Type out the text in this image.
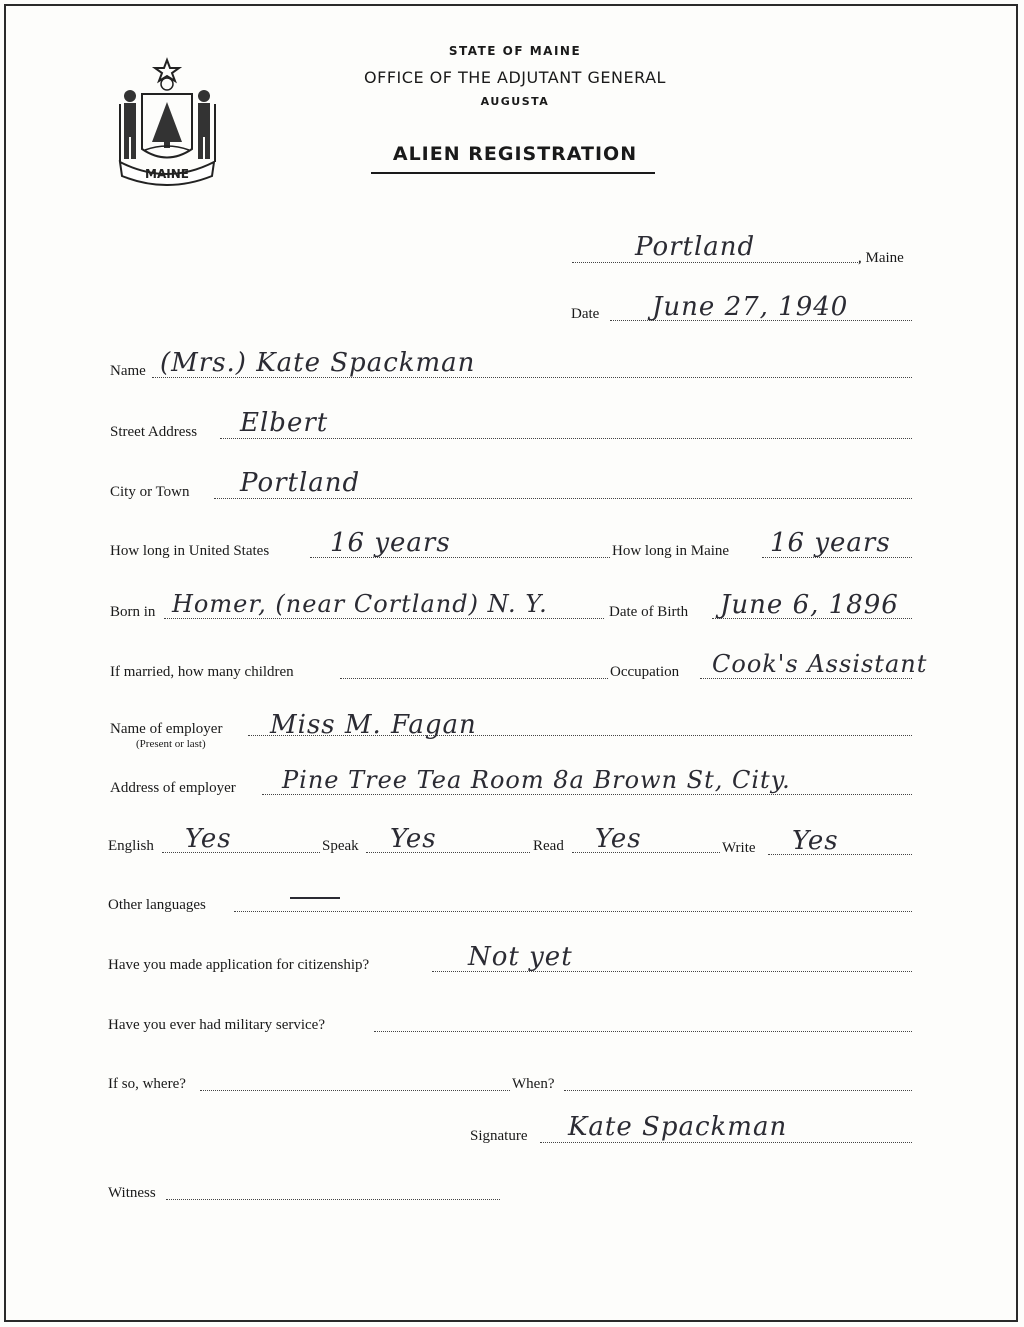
MAINE
STATE OF MAINE
OFFICE OF THE ADJUTANT GENERAL
AUGUSTA
ALIEN REGISTRATION
Portland	, Maine
Date June 27, 1940
Name (Mrs.) Kate Spackman
Street Address Elbert
City or Town Portland
How long in United States 16 years	How long in Maine 16 years
Born in Homer, (near Cortland) N. Y.	Date of Birth June 6, 1896
If married, how many children	Occupation Cook's Assistant
Name of employer
(Present or last)
Miss M. Fagan
Address of employer Pine Tree Tea Room 8a Brown St, City.
English Yes	Speak Yes	Read Yes	Write Yes
Other languages
Have you made application for citizenship?	Not yet
Have you ever had military service?
If so, where?	When?
Signature Kate Spackman
Witness
